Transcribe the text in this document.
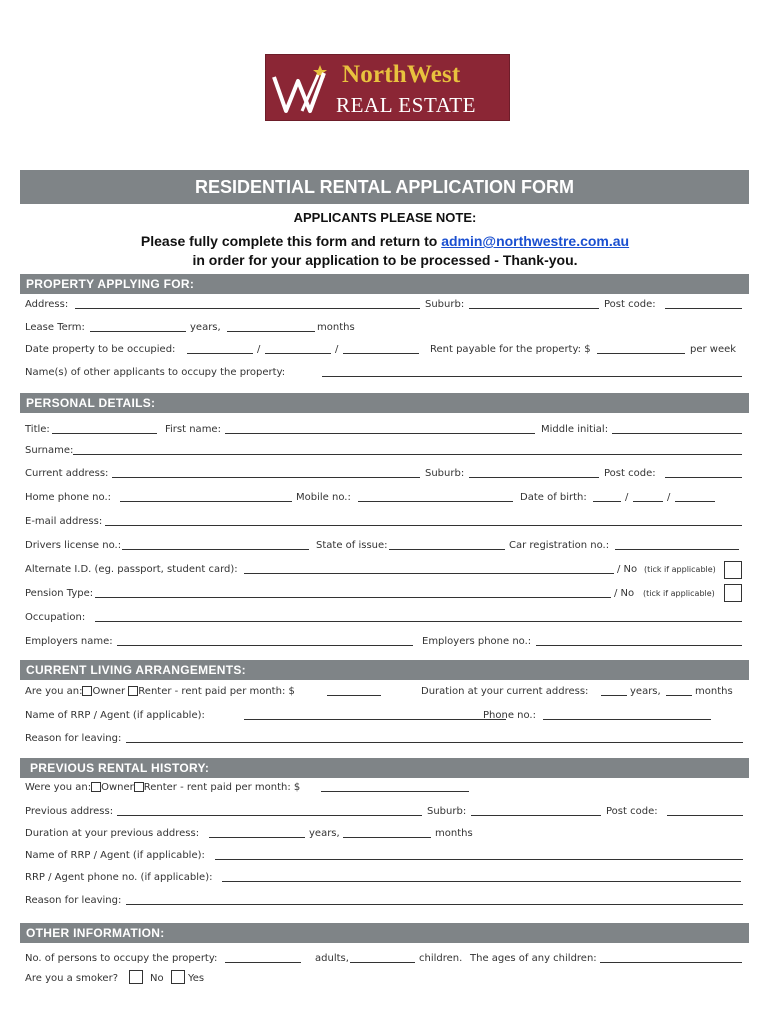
NorthWest
REAL ESTATE
RESIDENTIAL RENTAL APPLICATION FORM
APPLICANTS PLEASE NOTE:
Please fully complete this form and return to admin@northwestre.com.au
in order for your application to be processed - Thank-you.
PROPERTY APPLYING FOR:
Address:	Suburb:	Post code:
Lease Term:	years,	months
Date property to be occupied:	/	/	Rent payable for the property: $	per week
Name(s) of other applicants to occupy the property:
PERSONAL DETAILS:
Title:	First name:	Middle initial:
Surname:
Current address:	Suburb:	Post code:
Home phone no.:	Mobile no.:	Date of birth:	/	/
E-mail address:
Drivers license no.:	State of issue:	Car registration no.:
Alternate I.D. (eg. passport, student card):	/ No (tick if applicable)
Pension Type:	/ No (tick if applicable)
Occupation:
Employers name:	Employers phone no.:
CURRENT LIVING ARRANGEMENTS:
Are you an: Owner Renter - rent paid per month: $	Duration at your current address:	years,	months
Name of RRP / Agent (if applicable):	Phone no.:
Reason for leaving:
PREVIOUS RENTAL HISTORY:
Were you an: Owner Renter - rent paid per month: $
Previous address:	Suburb:	Post code:
Duration at your previous address:	years,	months
Name of RRP / Agent (if applicable):
RRP / Agent phone no. (if applicable):
Reason for leaving:
OTHER INFORMATION:
No. of persons to occupy the property:	adults,	children. The ages of any children:
Are you a smoker?	No Yes
